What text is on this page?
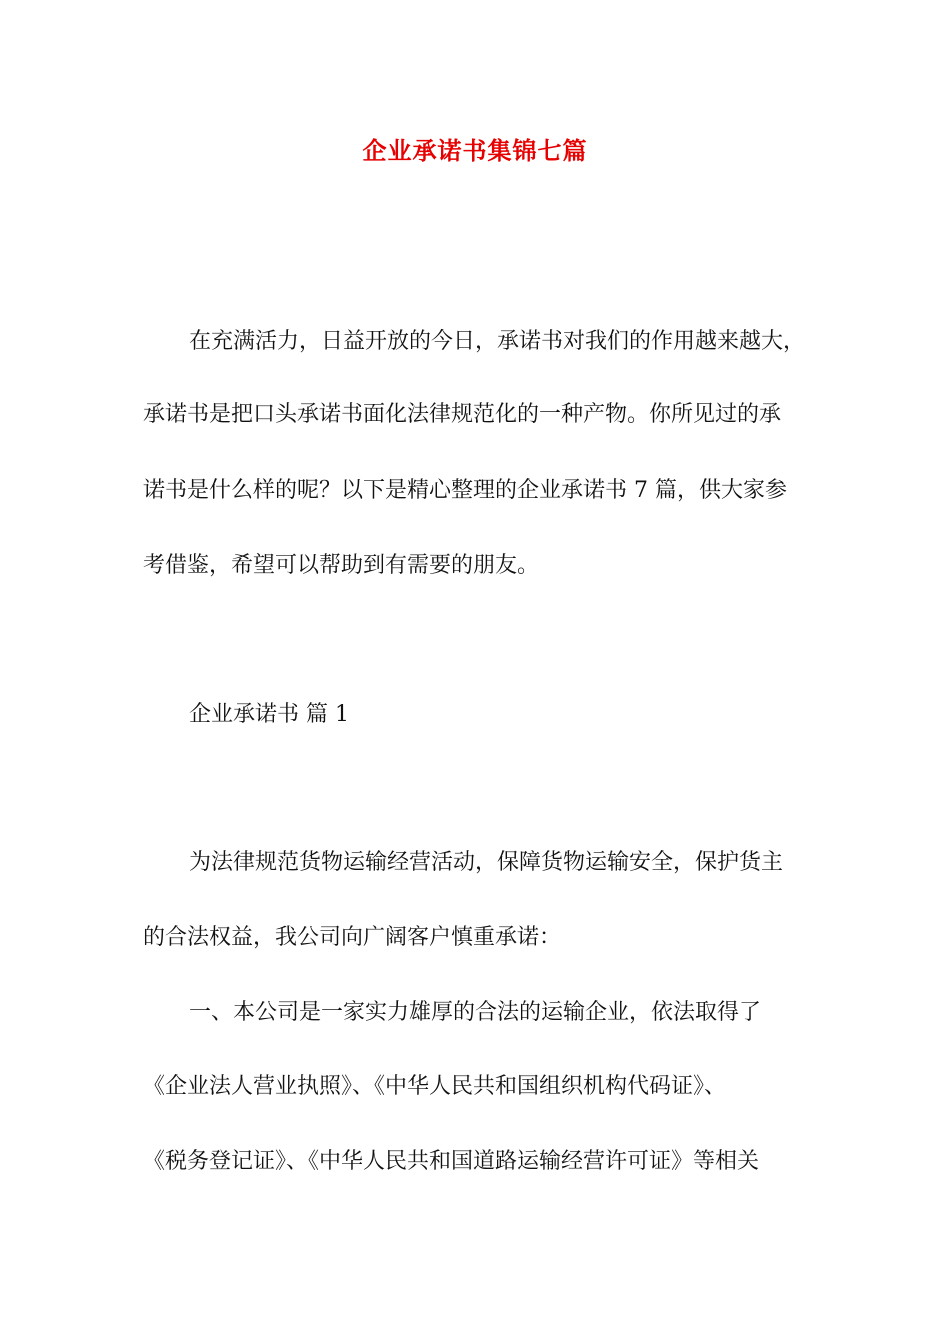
企业承诺书集锦七篇
在充满活力，日益开放的今日，承诺书对我们的作用越来越大，
承诺书是把口头承诺书面化法律规范化的一种产物。你所见过的承
诺书是什么样的呢？以下是精心整理的企业承诺书 7 篇，供大家参
考借鉴，希望可以帮助到有需要的朋友。
企业承诺书 篇 1
为法律规范货物运输经营活动，保障货物运输安全，保护货主
的合法权益，我公司向广阔客户慎重承诺：
一、本公司是一家实力雄厚的合法的运输企业，依法取得了
《企业法人营业执照》、《中华人民共和国组织机构代码证》、
《税务登记证》、《中华人民共和国道路运输经营许可证》等相关
